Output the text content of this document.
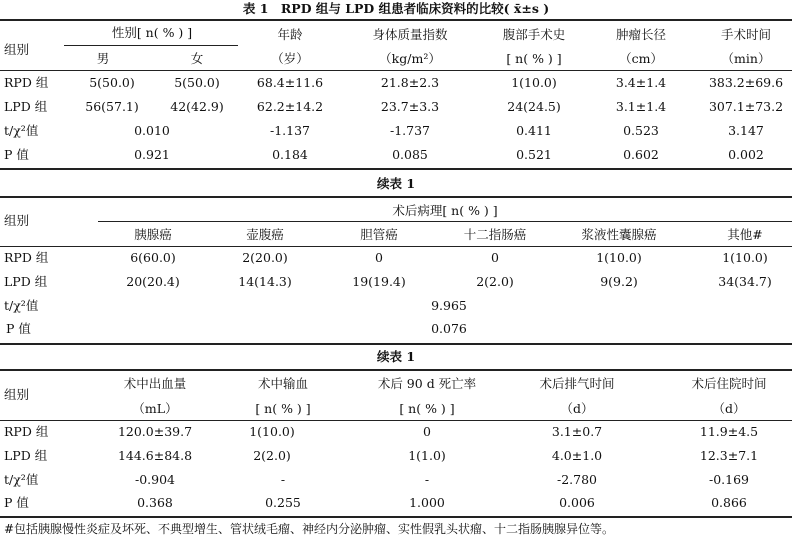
表 1　RPD 组与 LPD 组患者临床资料的比较( x̄±s )
组别
性别[ n( % ) ]
男	女
年龄
（岁）
身体质量指数
（kg/m²）
腹部手术史
[ n( % ) ]
肿瘤长径
（cm）
手术时间
（min）
RPD 组	5(50.0)	5(50.0)	68.4±11.6	21.8±2.3	1(10.0)	3.4±1.4	383.2±69.6
LPD 组	56(57.1)	42(42.9)	62.2±14.2	23.7±3.3	24(24.5)	3.1±1.4	307.1±73.2
t/χ²值	0.010	-1.137	-1.737	0.411	0.523	3.147
P 值	0.921	0.184	0.085	0.521	0.602	0.002
续表 1
组别
术后病理[ n( % ) ]
胰腺癌	壶腹癌	胆管癌	十二指肠癌	浆液性囊腺癌	其他#
RPD 组	6(60.0)	2(20.0)	0	0	1(10.0)	1(10.0)
LPD 组	20(20.4)	14(14.3)	19(19.4)	2(2.0)	9(9.2)	34(34.7)
t/χ²值	9.965
P 值	0.076
续表 1
组别
术中出血量
（mL）
术中输血
[ n( % ) ]
术后 90 d 死亡率
[ n( % ) ]
术后排气时间
（d）
术后住院时间
（d）
RPD 组	120.0±39.7	1(10.0)	0	3.1±0.7	11.9±4.5
LPD 组	144.6±84.8	2(2.0)	1(1.0)	4.0±1.0	12.3±7.1
t/χ²值	-0.904	-	-	-2.780	-0.169
P 值	0.368	0.255	1.000	0.006	0.866
#包括胰腺慢性炎症及坏死、不典型增生、管状绒毛瘤、神经内分泌肿瘤、实性假乳头状瘤、十二指肠胰腺异位等。
